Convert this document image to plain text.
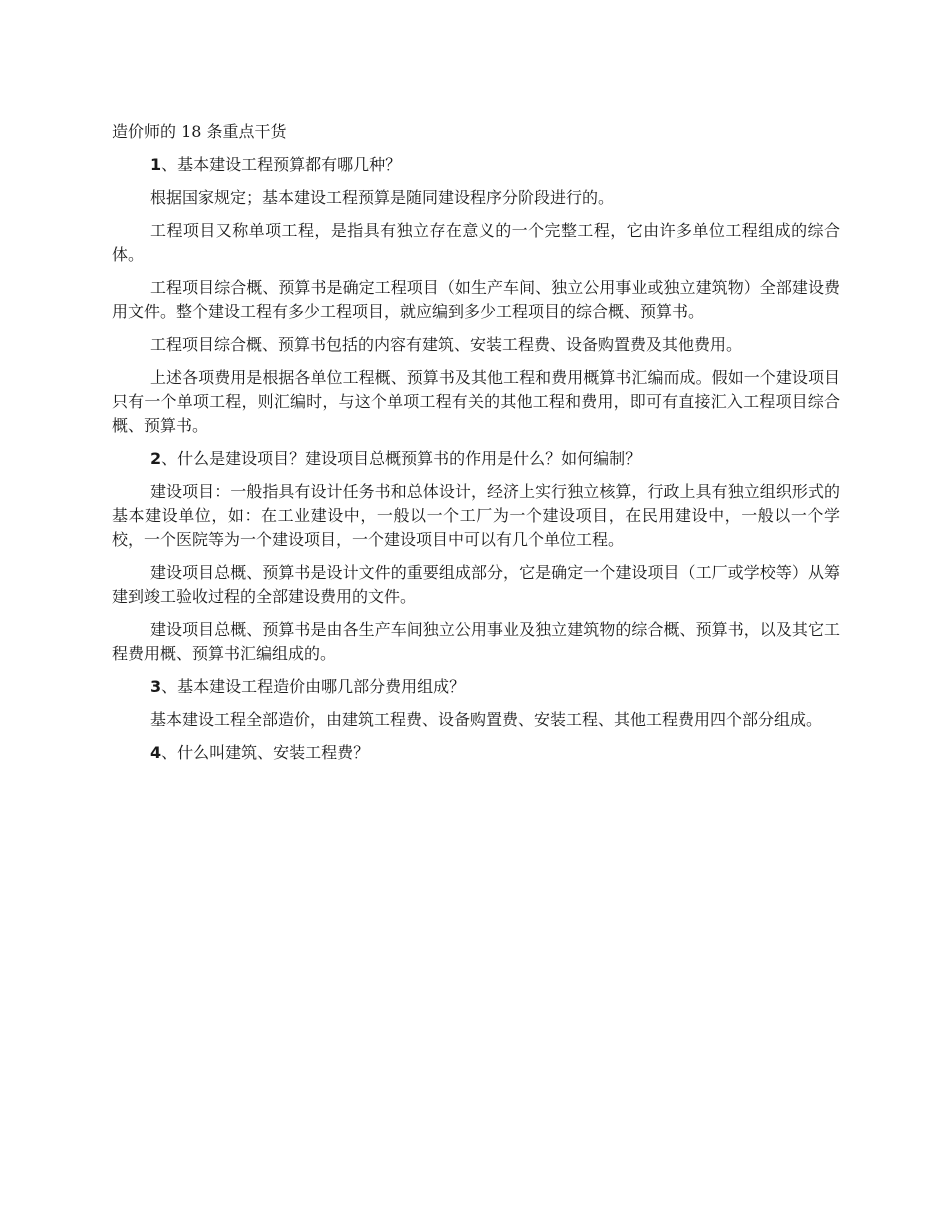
造价师的 18 条重点干货

1、基本建设工程预算都有哪几种？

根据国家规定；基本建设工程预算是随同建设程序分阶段进行的。

工程项目又称单项工程，是指具有独立存在意义的一个完整工程，它由许多单位工程组成的综合体。

工程项目综合概、预算书是确定工程项目（如生产车间、独立公用事业或独立建筑物）全部建设费用文件。整个建设工程有多少工程项目，就应编到多少工程项目的综合概、预算书。

工程项目综合概、预算书包括的内容有建筑、安装工程费、设备购置费及其他费用。

上述各项费用是根据各单位工程概、预算书及其他工程和费用概算书汇编而成。假如一个建设项目只有一个单项工程，则汇编时，与这个单项工程有关的其他工程和费用，即可有直接汇入工程项目综合概、预算书。

2、什么是建设项目？建设项目总概预算书的作用是什么？如何编制？

建设项目：一般指具有设计任务书和总体设计，经济上实行独立核算，行政上具有独立组织形式的基本建设单位，如：在工业建设中，一般以一个工厂为一个建设项目，在民用建设中，一般以一个学校，一个医院等为一个建设项目，一个建设项目中可以有几个单位工程。

建设项目总概、预算书是设计文件的重要组成部分，它是确定一个建设项目（工厂或学校等）从筹建到竣工验收过程的全部建设费用的文件。

建设项目总概、预算书是由各生产车间独立公用事业及独立建筑物的综合概、预算书，以及其它工程费用概、预算书汇编组成的。

3、基本建设工程造价由哪几部分费用组成？

基本建设工程全部造价，由建筑工程费、设备购置费、安装工程、其他工程费用四个部分组成。

4、什么叫建筑、安装工程费？
